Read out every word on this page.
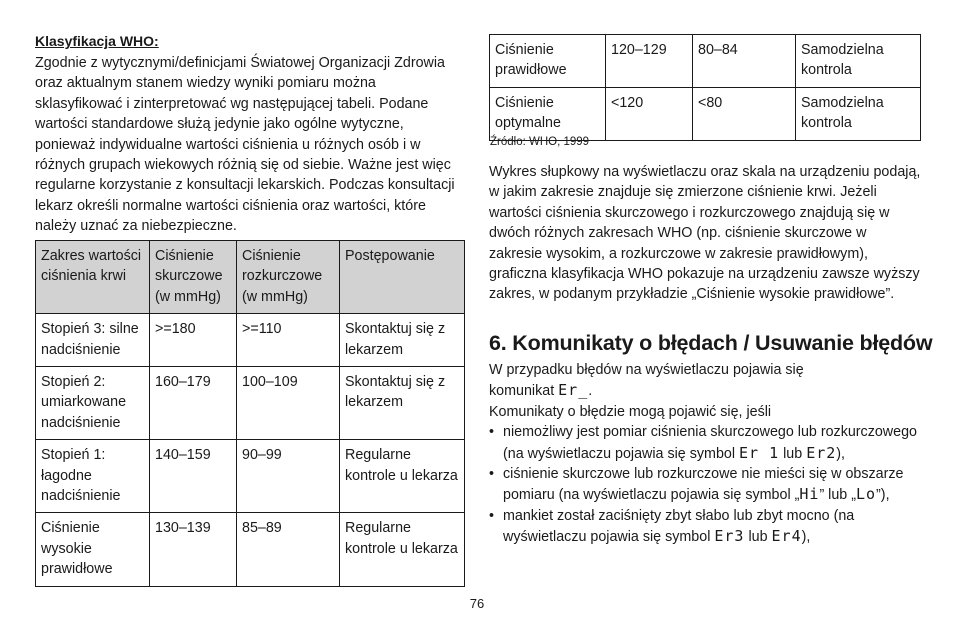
Klasyfikacja WHO:
Zgodnie z wytycznymi/definicjami Światowej Organizacji Zdrowia oraz aktualnym stanem wiedzy wyniki pomiaru można sklasyfikować i zinterpretować wg następującej tabeli. Podane wartości standardowe służą jedynie jako ogólne wytyczne, ponieważ indywidualne wartości ciśnienia u różnych osób i w różnych grupach wiekowych różnią się od siebie. Ważne jest więc regularne korzystanie z konsultacji lekarskich. Podczas konsultacji lekarz określi normalne wartości ciśnienia oraz wartości, które należy uznać za niebezpieczne.
Zakres wartości ciśnienia krwi	Ciśnienie skurczowe (w mmHg)	Ciśnienie rozkurczowe (w mmHg)	Postępowanie
Stopień 3: silne nadciśnienie	>=180	>=110	Skontaktuj się z lekarzem
Stopień 2: umiarkowane nadciśnienie	160–179	100–109	Skontaktuj się z lekarzem
Stopień 1: łagodne nadciśnienie	140–159	90–99	Regularne kontrole u lekarza
Ciśnienie wysokie prawidłowe	130–139	85–89	Regularne kontrole u lekarza
Ciśnienie prawidłowe	120–129	80–84	Samodzielna kontrola
Ciśnienie optymalne	<120	<80	Samodzielna kontrola
Źródło: WHO, 1999
Wykres słupkowy na wyświetlaczu oraz skala na urządzeniu podają, w jakim zakresie znajduje się zmierzone ciśnienie krwi. Jeżeli wartości ciśnienia skurczowego i rozkurczowego znajdują się w dwóch różnych zakresach WHO (np. ciśnienie skurczowe w zakresie wysokim, a rozkurczowe w zakresie prawidłowym), graficzna klasyfikacja WHO pokazuje na urządzeniu zawsze wyższy zakres, w podanym przykładzie „Ciśnienie wysokie prawidłowe”.
6. Komunikaty o błędach / Usuwanie błędów
W przypadku błędów na wyświetlaczu pojawia się
komunikat Er_.
Komunikaty o błędzie mogą pojawić się, jeśli
• niemożliwy jest pomiar ciśnienia skurczowego lub rozkurczowego (na wyświetlaczu pojawia się symbol Er 1 lub Er2),
• ciśnienie skurczowe lub rozkurczowe nie mieści się w obszarze pomiaru (na wyświetlaczu pojawia się symbol „Hi” lub „Lo”),
• mankiet został zaciśnięty zbyt słabo lub zbyt mocno (na wyświetlaczu pojawia się symbol Er3 lub Er4),
76
